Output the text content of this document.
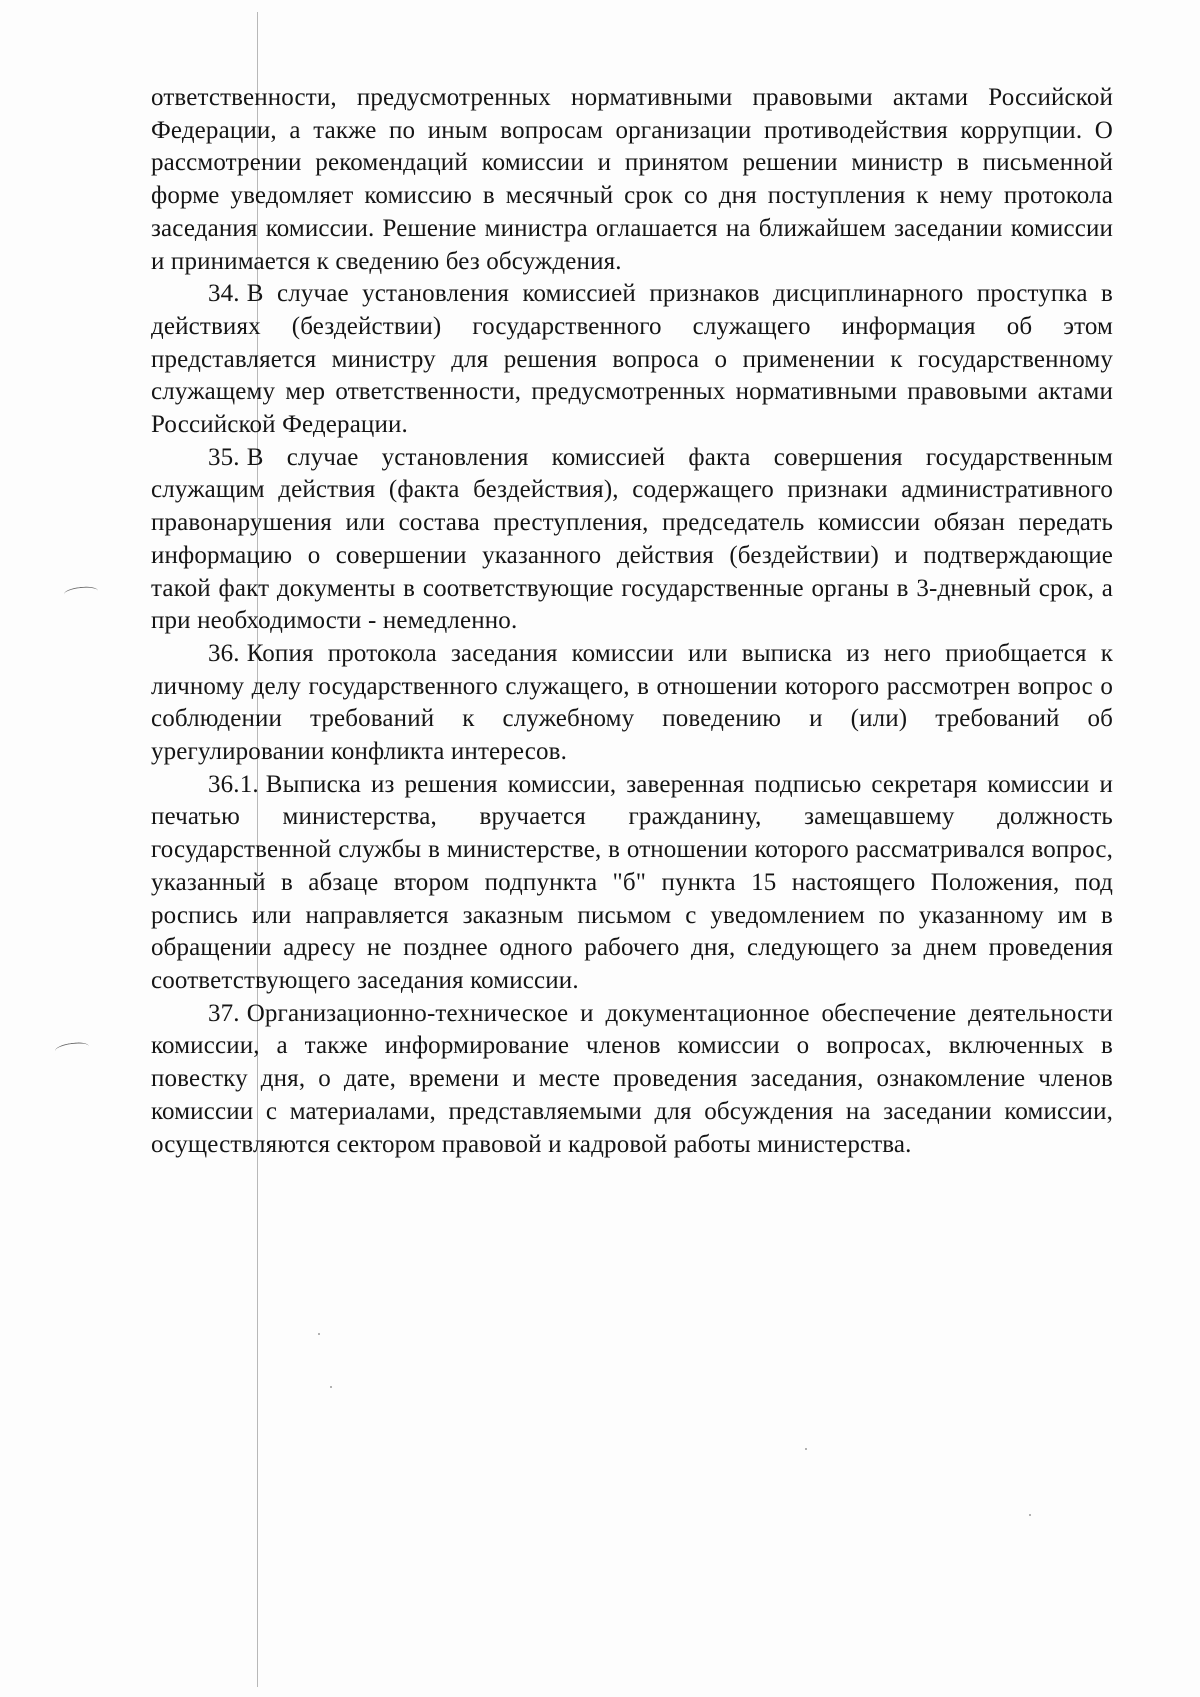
ответственности, предусмотренных нормативными правовыми актами Российской Федерации, а также по иным вопросам организации противодействия коррупции. О рассмотрении рекомендаций комиссии и принятом решении министр в письменной форме уведомляет комиссию в месячный срок со дня поступления к нему протокола заседания комиссии. Решение министра оглашается на ближайшем заседании комиссии и принимается к сведению без обсуждения.

34. В случае установления комиссией признаков дисциплинарного проступка в действиях (бездействии) государственного служащего информация об этом представляется министру для решения вопроса о применении к государственному служащему мер ответственности, предусмотренных нормативными правовыми актами Российской Федерации.

35. В случае установления комиссией факта совершения государственным служащим действия (факта бездействия), содержащего признаки административного правонарушения или состава преступления, председатель комиссии обязан передать информацию о совершении указанного действия (бездействии) и подтверждающие такой факт документы в соответствующие государственные органы в 3-дневный срок, а при необходимости - немедленно.

36. Копия протокола заседания комиссии или выписка из него приобщается к личному делу государственного служащего, в отношении которого рассмотрен вопрос о соблюдении требований к служебному поведению и (или) требований об урегулировании конфликта интересов.

36.1. Выписка из решения комиссии, заверенная подписью секретаря комиссии и печатью министерства, вручается гражданину, замещавшему должность государственной службы в министерстве, в отношении которого рассматривался вопрос, указанный в абзаце втором подпункта "б" пункта 15 настоящего Положения, под роспись или направляется заказным письмом с уведомлением по указанному им в обращении адресу не позднее одного рабочего дня, следующего за днем проведения соответствующего заседания комиссии.

37. Организационно-техническое и документационное обеспечение деятельности комиссии, а также информирование членов комиссии о вопросах, включенных в повестку дня, о дате, времени и месте проведения заседания, ознакомление членов комиссии с материалами, представляемыми для обсуждения на заседании комиссии, осуществляются сектором правовой и кадровой работы министерства.
